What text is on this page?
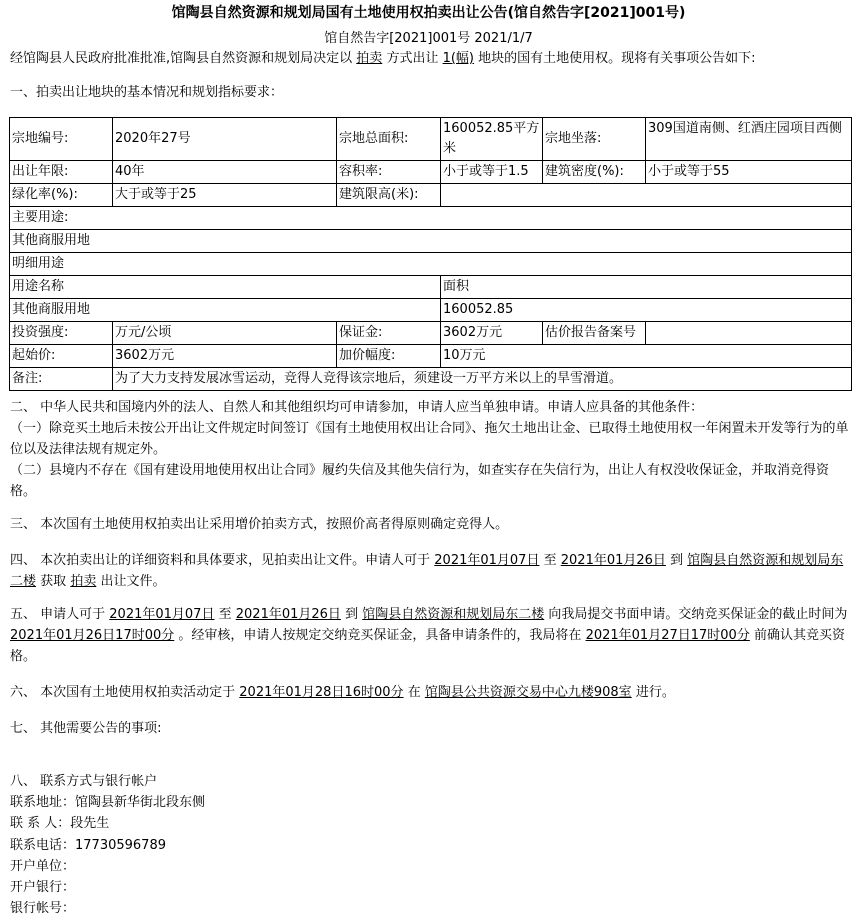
馆陶县自然资源和规划局国有土地使用权拍卖出让公告(馆自然告字[2021]001号)
馆自然告字[2021]001号 2021/1/7
经馆陶县人民政府批准批准,馆陶县自然资源和规划局决定以 拍卖 方式出让 1(幅) 地块的国有土地使用权。现将有关事项公告如下:
一、拍卖出让地块的基本情况和规划指标要求：
宗地编号:	2020年27号	宗地总面积:	160052.85平方米	宗地坐落:	309国道南侧、红酒庄园项目西侧
出让年限:	40年	容积率:	小于或等于1.5	建筑密度(%):	小于或等于55
绿化率(%):	大于或等于25	建筑限高(米):			
主要用途:					
其他商服用地					
明细用途					
用途名称			面积		
其他商服用地			160052.85		
投资强度:	万元/公顷	保证金:	3602万元	估价报告备案号	
起始价:	3602万元	加价幅度:	10万元		
备注:	为了大力支持发展冰雪运动，竞得人竞得该宗地后，须建设一万平方米以上的旱雪滑道。				
二、 中华人民共和国境内外的法人、自然人和其他组织均可申请参加，申请人应当单独申请。申请人应具备的其他条件：
（一）除竞买土地后未按公开出让文件规定时间签订《国有土地使用权出让合同》、拖欠土地出让金、已取得土地使用权一年闲置未开发等行为的单位以及法律法规有规定外。
（二）县境内不存在《国有建设用地使用权出让合同》履约失信及其他失信行为，如查实存在失信行为，出让人有权没收保证金，并取消竞得资格。
三、 本次国有土地使用权拍卖出让采用增价拍卖方式，按照价高者得原则确定竞得人。
四、 本次拍卖出让的详细资料和具体要求，见拍卖出让文件。申请人可于 2021年01月07日 至 2021年01月26日 到 馆陶县自然资源和规划局东二楼 获取 拍卖 出让文件。
五、 申请人可于 2021年01月07日 至 2021年01月26日 到 馆陶县自然资源和规划局东二楼 向我局提交书面申请。交纳竞买保证金的截止时间为 2021年01月26日17时00分 。经审核，申请人按规定交纳竞买保证金，具备申请条件的，我局将在 2021年01月27日17时00分 前确认其竞买资格。
六、 本次国有土地使用权拍卖活动定于 2021年01月28日16时00分 在 馆陶县公共资源交易中心九楼908室 进行。
七、 其他需要公告的事项:
八、 联系方式与银行帐户
联系地址：馆陶县新华街北段东侧
联 系 人：段先生
联系电话：17730596789
开户单位：
开户银行：
银行帐号：
